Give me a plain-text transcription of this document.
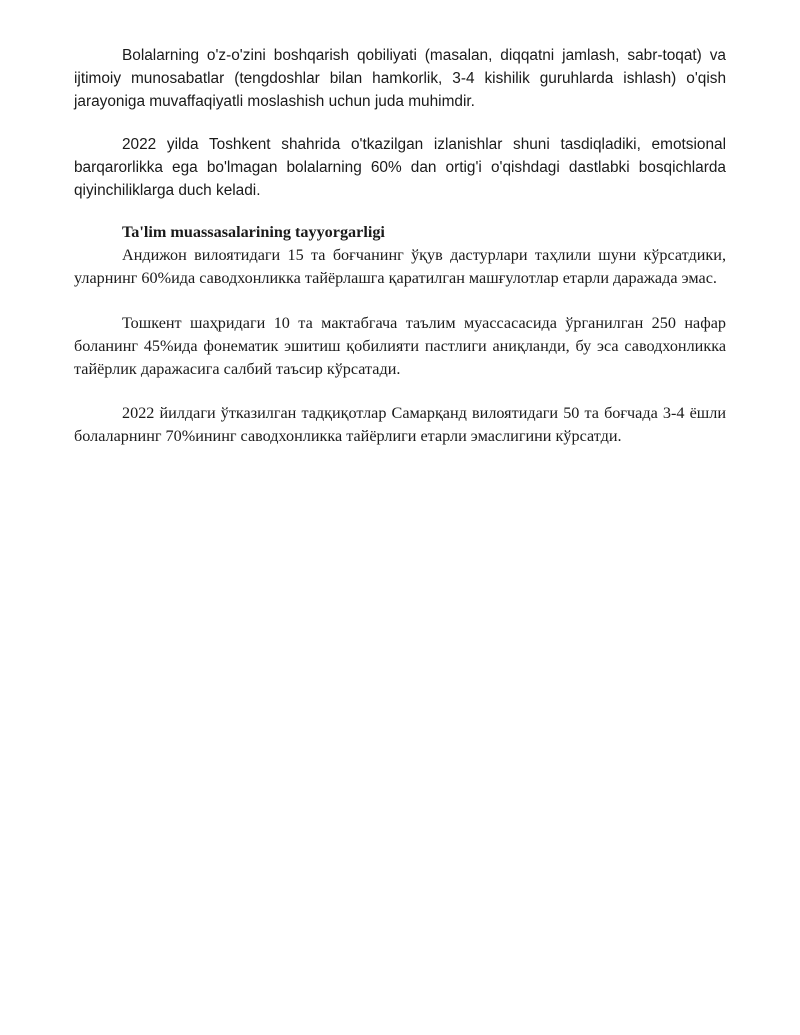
Bolalarning o'z-o'zini boshqarish qobiliyati (masalan, diqqatni jamlash, sabr-toqat) va ijtimoiy munosabatlar (tengdoshlar bilan hamkorlik, 3-4 kishilik guruhlarda ishlash) o'qish jarayoniga muvaffaqiyatli moslashish uchun juda muhimdir.

2022 yilda Toshkent shahrida o'tkazilgan izlanishlar shuni tasdiqladiki, emotsional barqarorlikka ega bo'lmagan bolalarning 60% dan ortig'i o'qishdagi dastlabki bosqichlarda qiyinchiliklarga duch keladi.

Ta'lim muassasalarining tayyorgarligi

Андижон вилоятидаги 15 та боғчанинг ўқув дастурлари таҳлили шуни кўрсатдики, уларнинг 60%ида саводхонликка тайёрлашга қаратилган машғулотлар етарли даражада эмас.

Тошкент шаҳридаги 10 та мактабгача таълим муассасасида ўрганилган 250 нафар боланинг 45%ида фонематик эшитиш қобилияти пастлиги аниқланди, бу эса саводхонликка тайёрлик даражасига салбий таъсир кўрсатади.

2022 йилдаги ўтказилган тадқиқотлар Самарқанд вилоятидаги 50 та боғчада 3-4 ёшли болаларнинг 70%ининг саводхонликка тайёрлиги етарли эмаслигини кўрсатди.
